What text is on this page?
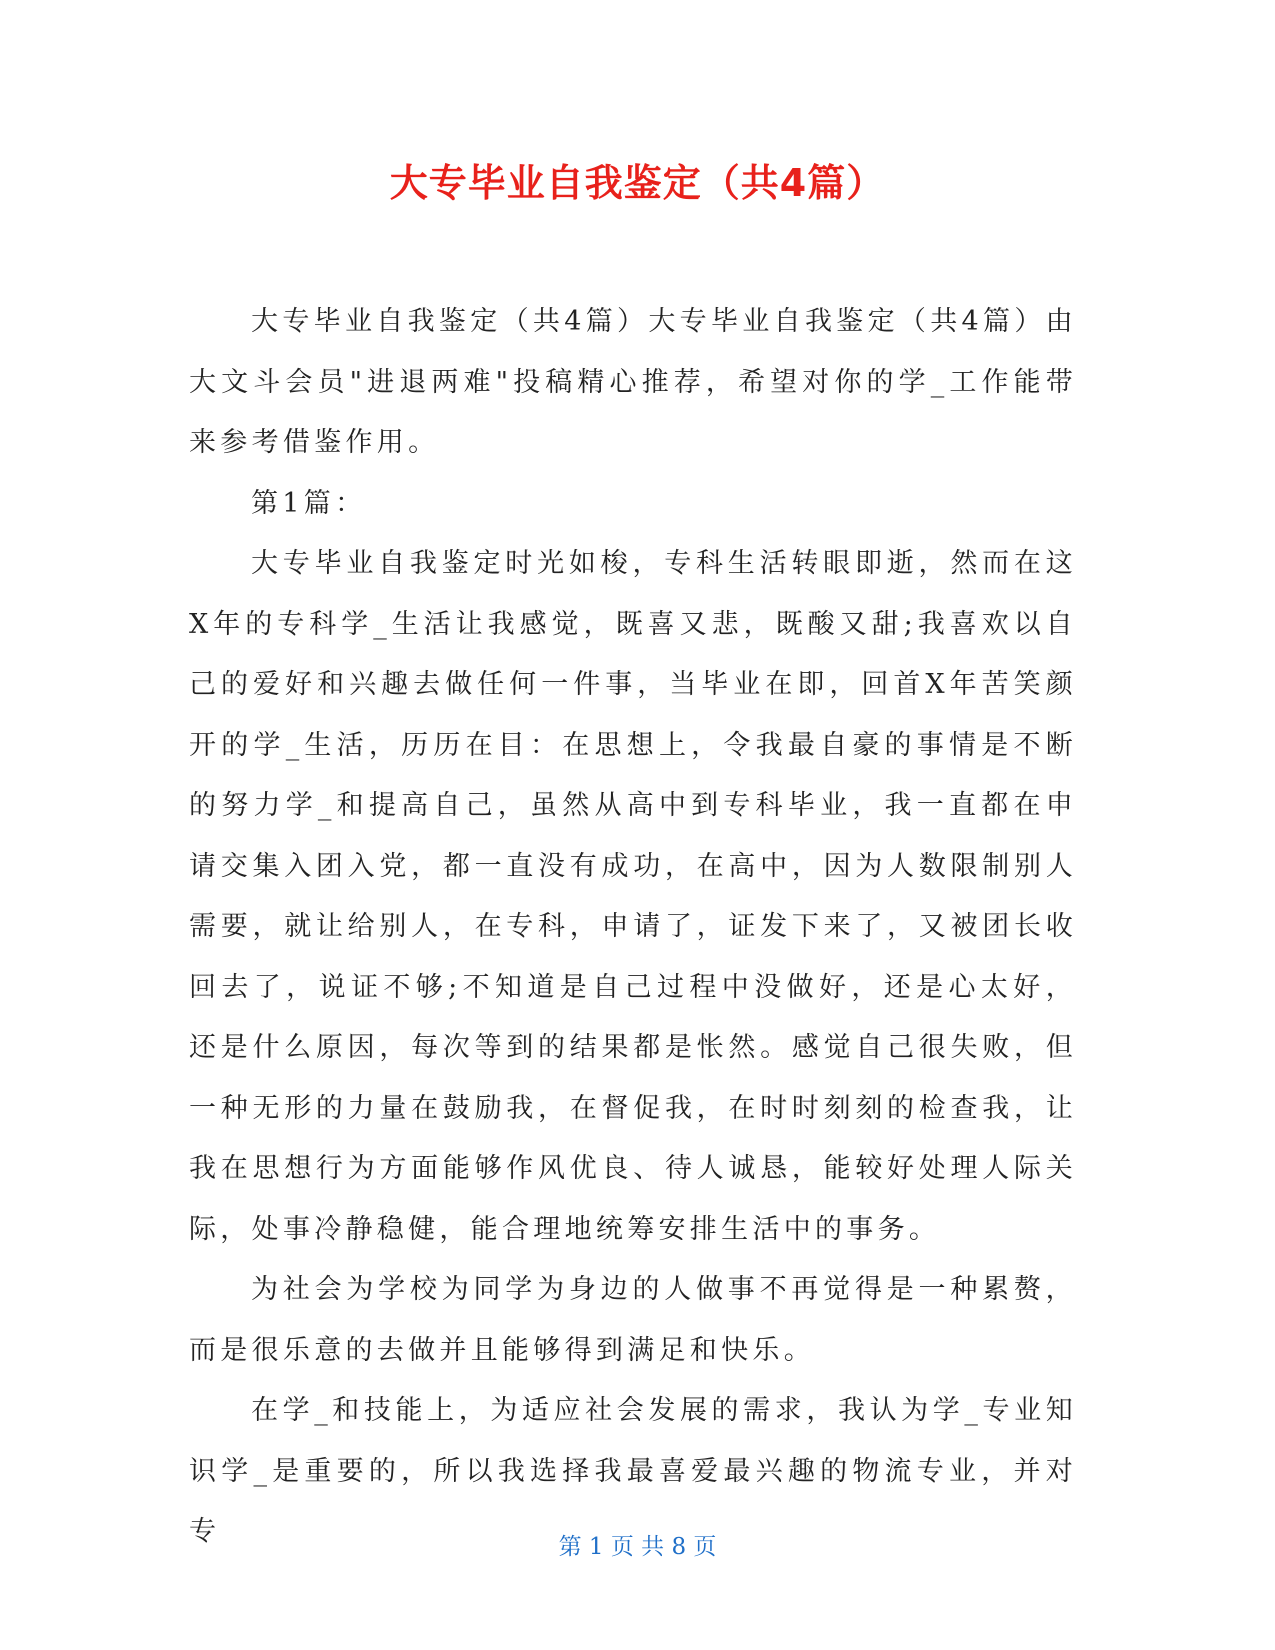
大专毕业自我鉴定（共4篇）

大专毕业自我鉴定（共4篇）大专毕业自我鉴定（共4篇）由大文斗会员"进退两难"投稿精心推荐，希望对你的学_工作能带来参考借鉴作用。

第1篇：

大专毕业自我鉴定时光如梭，专科生活转眼即逝，然而在这X年的专科学_生活让我感觉，既喜又悲，既酸又甜;我喜欢以自己的爱好和兴趣去做任何一件事，当毕业在即，回首X年苦笑颜开的学_生活，历历在目：在思想上，令我最自豪的事情是不断的努力学_和提高自己，虽然从高中到专科毕业，我一直都在申请交集入团入党，都一直没有成功，在高中，因为人数限制别人需要，就让给别人，在专科，申请了，证发下来了，又被团长收回去了，说证不够;不知道是自己过程中没做好，还是心太好，还是什么原因，每次等到的结果都是怅然。感觉自己很失败，但一种无形的力量在鼓励我，在督促我，在时时刻刻的检查我，让我在思想行为方面能够作风优良、待人诚恳，能较好处理人际关际，处事冷静稳健，能合理地统筹安排生活中的事务。

为社会为学校为同学为身边的人做事不再觉得是一种累赘，而是很乐意的去做并且能够得到满足和快乐。

在学_和技能上，为适应社会发展的需求，我认为学_专业知识学_是重要的，所以我选择我最喜爱最兴趣的物流专业，并对专	第 1 页 共 8 页
